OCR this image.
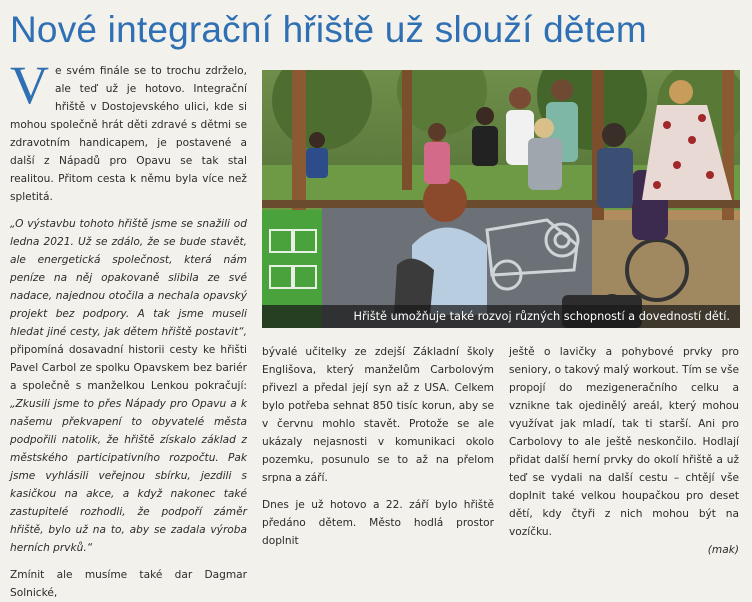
Nové integrační hřiště už slouží dětem

Ve svém finále se to trochu zdrželo, ale teď už je hotovo. Integrační hřiště v Dostojevského ulici, kde si mohou společně hrát děti zdravé s dětmi se zdravotním handicapem, je postavené a další z Nápadů pro Opavu se tak stal realitou. Přitom cesta k němu byla více než spletitá.

„O výstavbu tohoto hřiště jsme se snažili od ledna 2021. Už se zdálo, že se bude stavět, ale energetická společnost, která nám peníze na něj opakovaně slibila ze své nadace, najednou otočila a nechala opavský projekt bez podpory. A tak jsme museli hledat jiné cesty, jak dětem hřiště postavit“, připomíná dosavadní historii cesty ke hřišti Pavel Carbol ze spolku Opavskem bez bariér a společně s manželkou Lenkou pokračují: „Zkusili jsme to přes Nápady pro Opavu a k našemu překvapení to obyvatelé města podpořili natolik, že hřiště získalo základ z městského participativního rozpočtu. Pak jsme vyhlásili veřejnou sbírku, jezdili s kasičkou na akce, a když nakonec také zastupitelé rozhodli, že podpoří záměr hřiště, bylo už na to, aby se zadala výroba herních prvků.“

Zmínit ale musíme také dar Dagmar Solnické,

Hřiště umožňuje také rozvoj různých schopností a dovedností dětí.

bývalé učitelky ze zdejší Základní školy Englišova, který manželům Carbolovým přivezl a předal její syn až z USA. Celkem bylo potřeba sehnat 850 tisíc korun, aby se v červnu mohlo stavět. Protože se ale ukázaly nejasnosti v komunikaci okolo pozemku, posunulo se to až na přelom srpna a září.

Dnes je už hotovo a 22. září bylo hřiště předáno dětem. Město hodlá prostor doplnit

ještě o lavičky a pohybové prvky pro seniory, o takový malý workout. Tím se vše propojí do mezigeneračního celku a vznikne tak ojedinělý areál, který mohou využívat jak mladí, tak ti starší. Ani pro Carbolovy to ale ještě neskončilo. Hodlají přidat další herní prvky do okolí hřiště a už teď se vydali na další cestu – chtějí vše doplnit také velkou houpačkou pro deset dětí, kdy čtyři z nich mohou být na vozíčku.

(mak)
